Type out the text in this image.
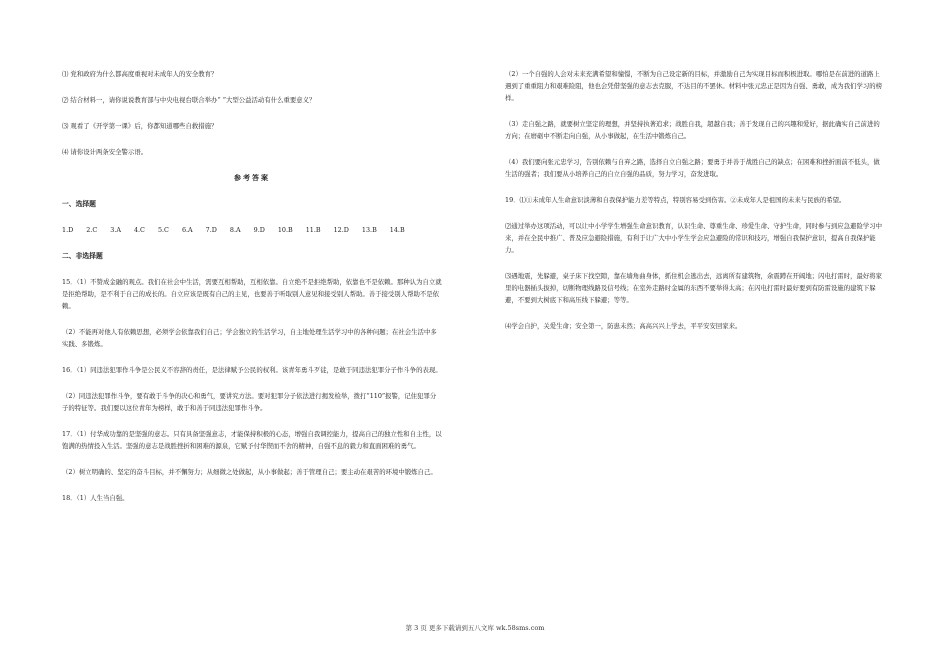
⑴ 党和政府为什么都高度重视对未成年人的安全教育？

⑵ 结合材料一，请你说说教育部与中央电视台联合举办“ ”大型公益活动有什么重要意义？

⑶ 观看了《开学第一课》后，你都知道哪些自救措施？

⑷ 请你设计两条安全警示语。

参考答案

一、选择题

1.D 2.C 3.A 4.C 5.C 6.A 7.D 8.A 9.D 10.B 11.B 12.D 13.B 14.B

二、非选择题

15．（1）不赞成金融的观点。我们在社会中生活，需要互相帮助，互相依靠。自立绝不是拒绝帮助，依靠也不是依赖。那种认为自立就是拒绝帮助，是不利于自己的成长的。自立应该是既有自己的主见，也要善于听取别人意见和接受别人帮助。善于接受别人帮助不是依赖。

（2）不能再对他人有依赖思想，必须学会依靠我们自己；学会独立的生活学习，自主地处理生活学习中的各种问题；在社会生活中多实践、多锻炼。

16．（1）同违法犯罪作斗争是公民义不容辞的责任，是法律赋予公民的权利。该青年勇斗歹徒，是敢于同违法犯罪分子作斗争的表现。

（2）同违法犯罪作斗争，要有敢于斗争的决心和勇气，要讲究方法。要对犯罪分子依法进行揭发检举，拨打“110”报警，记住犯罪分子的特征等。我们要以这位青年为榜样，敢于和善于同违法犯罪作斗争。

17．（1）付华成功靠的是坚强的意志。只有具备坚强意志，才能保持积极的心态，增强自我调控能力，提高自己的独立性和自主性，以饱满的热情投入生活。坚强的意志是战胜挫折和困难的源泉，它赋予付华锲而不舍的精神，自强不息的毅力和直面困难的勇气。

（2）树立明确的、坚定的奋斗目标，并不懈努力；从细微之处做起，从小事做起；善于管理自己；要主动在艰苦的环境中锻炼自己。

18．（1）人生当自强。

（2）一个自强的人会对未来充满希望和憧憬，不断为自己设定新的目标，并激励自己为实现目标而积极进取。哪怕是在前进的道路上遇到了重重阻力和艰难险阻，他也会凭借坚强的意志去克服，不达目的不罢休。材料中张元忠正是因为自强、勇敢，成为我们学习的榜样。

（3）走自强之路，就要树立坚定的理想，并坚持执著追求；战胜自我，超越自我；善于发现自己的兴趣和爱好，据此确实自己前进的方向；在磨砺中不断走向自强，从小事做起，在生活中锻炼自己。

（4）我们要向张元忠学习，告别依赖与自弃之路，选择自立自强之路；要勇于并善于战胜自己的缺点；在困难和挫折面前不低头，做生活的强者；我们要从小培养自己的自立自强的品质，努力学习，奋发进取。

19．⑴①未成年人生命意识淡薄和自我保护能力差等特点，特别容易受到伤害。②未成年人是祖国的未来与民族的希望。

⑵通过举办这项活动，可以让中小学学生增强生命意识教育，认识生命、尊重生命、珍爱生命、守护生命，同时参与到应急避险学习中来，并在全民中推广、普及应急避险措施，有利于让广大中小学生学会应急避险的常识和技巧，增强自我保护意识，提高自我保护能力。

⑶遇地震，先躲避，桌子床下找空隙，靠在墙角曲身体，抓住机会逃出去，远离所有建筑物，余震蹲在开阔地；闪电打雷时，最好将家里的电器插头拔掉，切断物理线路及信号线；在室外走路时金属的东西不要举得太高；在闪电打雷时最好要到有防雷设施的建筑下躲避，不要到大树底下和高压线下躲避；等等。

⑷学会自护，关爱生命；安全第一，防患未然；高高兴兴上学去，平平安安回家来。

第 3 页 更多下载请到五八文库 wk.58sms.com
